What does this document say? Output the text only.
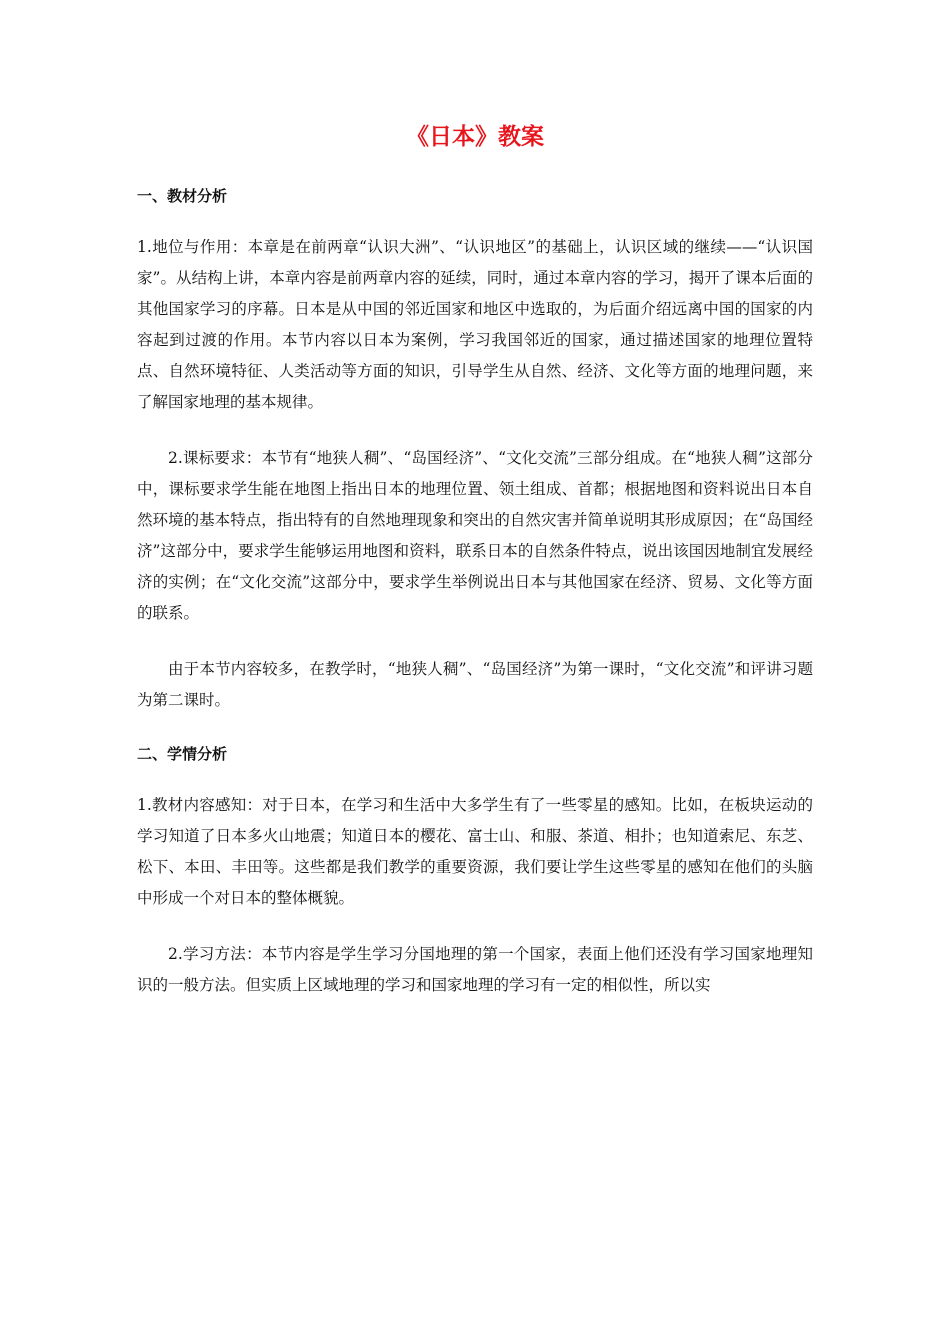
《日本》教案
一、教材分析

1.地位与作用：本章是在前两章“认识大洲”、“认识地区”的基础上，认识区域的继续——“认识国家”。从结构上讲，本章内容是前两章内容的延续，同时，通过本章内容的学习，揭开了课本后面的其他国家学习的序幕。日本是从中国的邻近国家和地区中选取的，为后面介绍远离中国的国家的内容起到过渡的作用。本节内容以日本为案例，学习我国邻近的国家，通过描述国家的地理位置特点、自然环境特征、人类活动等方面的知识，引导学生从自然、经济、文化等方面的地理问题，来了解国家地理的基本规律。

2.课标要求：本节有“地狭人稠”、“岛国经济”、“文化交流”三部分组成。在“地狭人稠”这部分中，课标要求学生能在地图上指出日本的地理位置、领土组成、首都；根据地图和资料说出日本自然环境的基本特点，指出特有的自然地理现象和突出的自然灾害并简单说明其形成原因；在“岛国经济”这部分中，要求学生能够运用地图和资料，联系日本的自然条件特点，说出该国因地制宜发展经济的实例；在“文化交流”这部分中，要求学生举例说出日本与其他国家在经济、贸易、文化等方面的联系。

由于本节内容较多，在教学时，“地狭人稠”、“岛国经济”为第一课时，“文化交流”和评讲习题为第二课时。

二、学情分析

1.教材内容感知：对于日本，在学习和生活中大多学生有了一些零星的感知。比如，在板块运动的学习知道了日本多火山地震；知道日本的樱花、富士山、和服、茶道、相扑；也知道索尼、东芝、松下、本田、丰田等。这些都是我们教学的重要资源，我们要让学生这些零星的感知在他们的头脑中形成一个对日本的整体概貌。

2.学习方法：本节内容是学生学习分国地理的第一个国家，表面上他们还没有学习国家地理知识的一般方法。但实质上区域地理的学习和国家地理的学习有一定的相似性，所以实
